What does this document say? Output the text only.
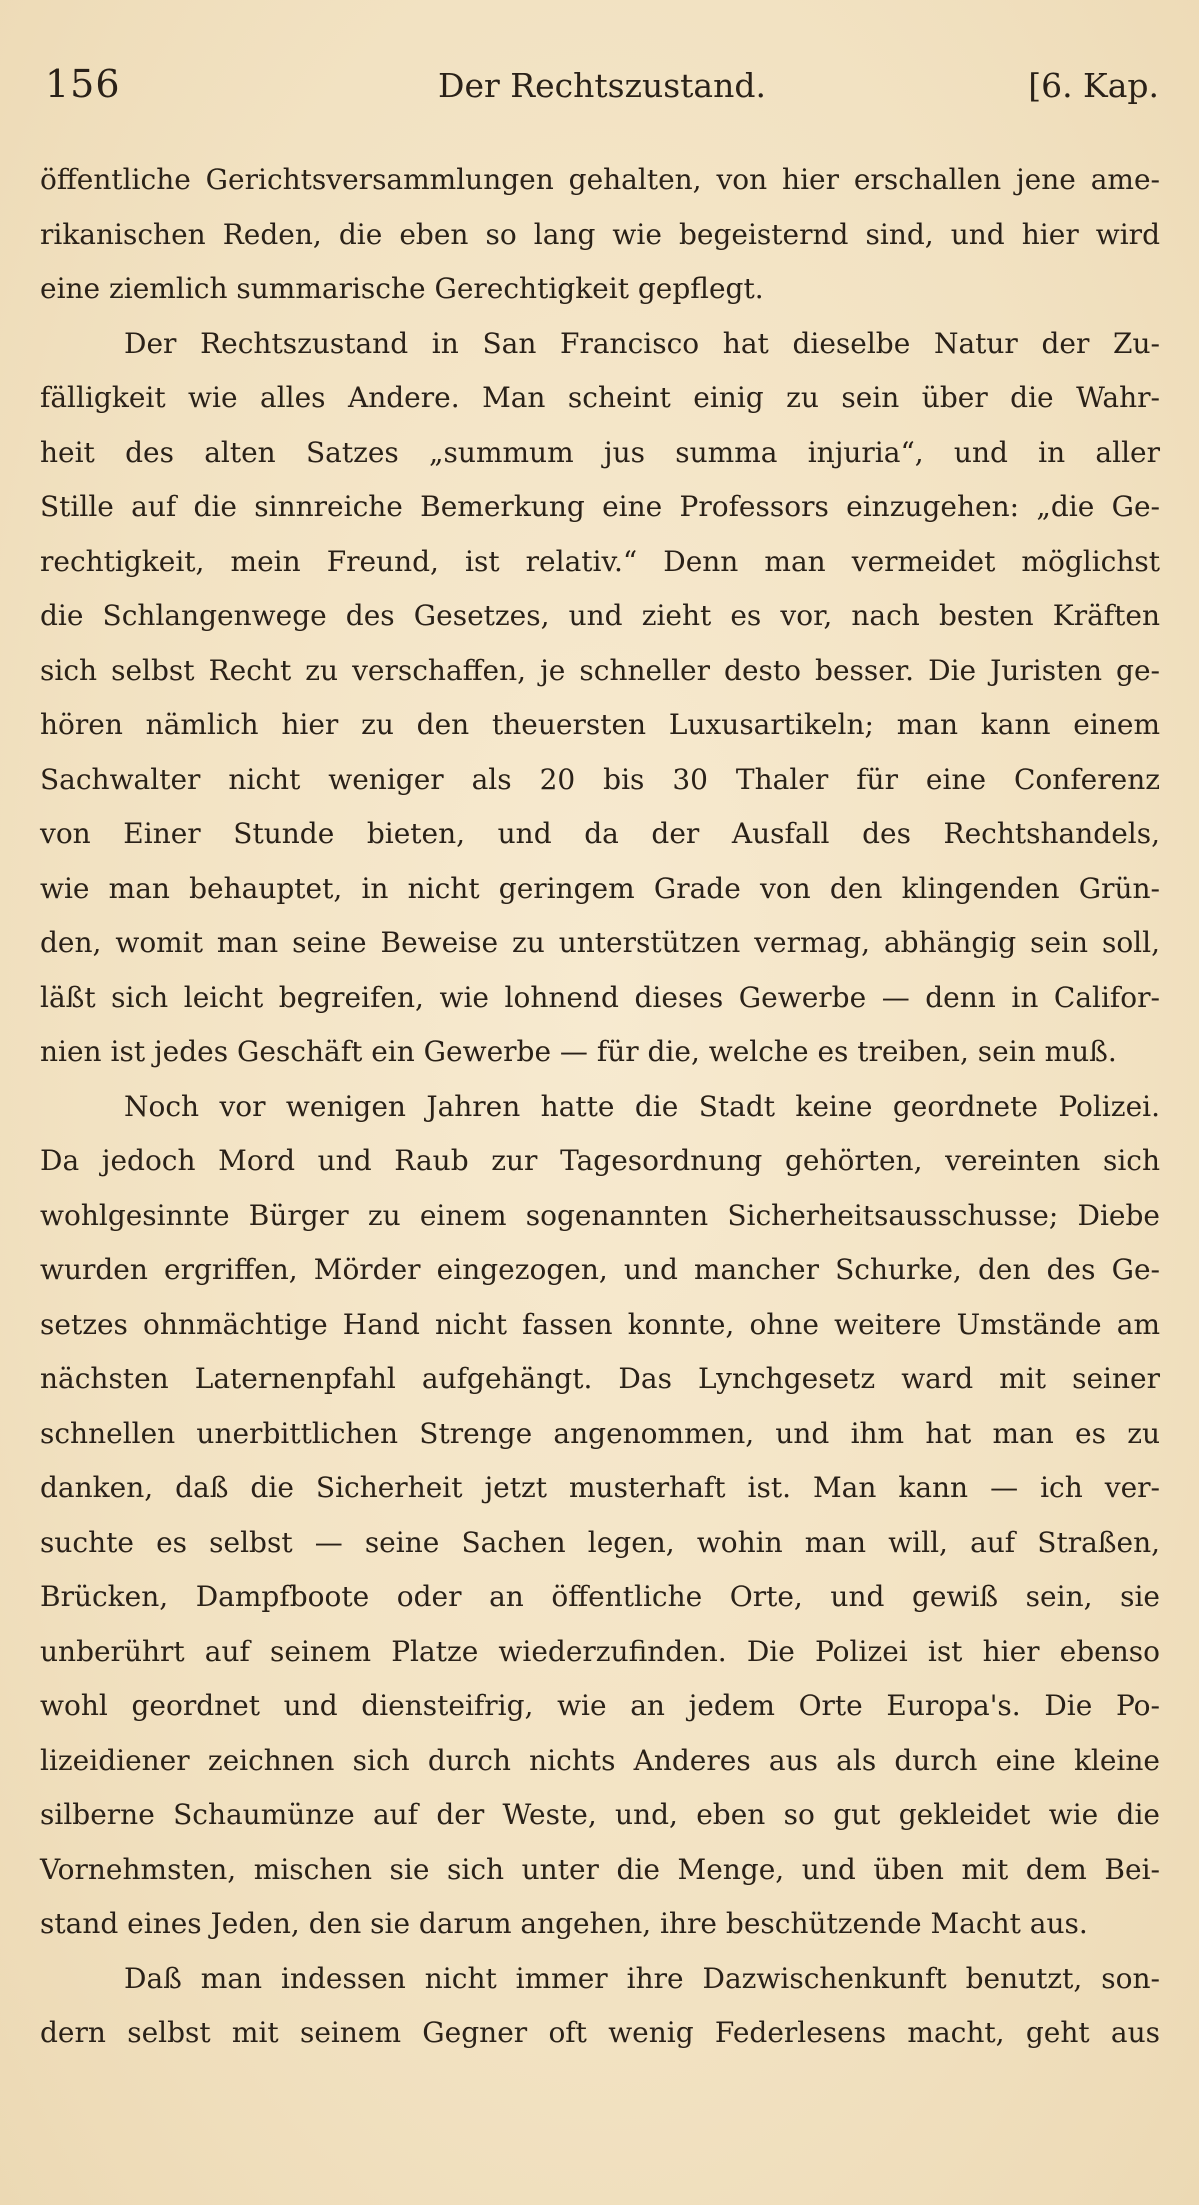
156	Der Rechtszustand.	[6. Kap.
öffentliche Gerichtsversammlungen gehalten, von hier erschallen jene ame-
rikanischen Reden, die eben so lang wie begeisternd sind, und hier wird
eine ziemlich summarische Gerechtigkeit gepflegt.
Der Rechtszustand in San Francisco hat dieselbe Natur der Zu-
fälligkeit wie alles Andere. Man scheint einig zu sein über die Wahr-
heit des alten Satzes „summum jus summa injuria“, und in aller
Stille auf die sinnreiche Bemerkung eine Professors einzugehen: „die Ge-
rechtigkeit, mein Freund, ist relativ.“ Denn man vermeidet möglichst
die Schlangenwege des Gesetzes, und zieht es vor, nach besten Kräften
sich selbst Recht zu verschaffen, je schneller desto besser. Die Juristen ge-
hören nämlich hier zu den theuersten Luxusartikeln; man kann einem
Sachwalter nicht weniger als 20 bis 30 Thaler für eine Conferenz
von Einer Stunde bieten, und da der Ausfall des Rechtshandels,
wie man behauptet, in nicht geringem Grade von den klingenden Grün-
den, womit man seine Beweise zu unterstützen vermag, abhängig sein soll,
läßt sich leicht begreifen, wie lohnend dieses Gewerbe — denn in Califor-
nien ist jedes Geschäft ein Gewerbe — für die, welche es treiben, sein muß.
Noch vor wenigen Jahren hatte die Stadt keine geordnete Polizei.
Da jedoch Mord und Raub zur Tagesordnung gehörten, vereinten sich
wohlgesinnte Bürger zu einem sogenannten Sicherheitsausschusse; Diebe
wurden ergriffen, Mörder eingezogen, und mancher Schurke, den des Ge-
setzes ohnmächtige Hand nicht fassen konnte, ohne weitere Umstände am
nächsten Laternenpfahl aufgehängt. Das Lynchgesetz ward mit seiner
schnellen unerbittlichen Strenge angenommen, und ihm hat man es zu
danken, daß die Sicherheit jetzt musterhaft ist. Man kann — ich ver-
suchte es selbst — seine Sachen legen, wohin man will, auf Straßen,
Brücken, Dampfboote oder an öffentliche Orte, und gewiß sein, sie
unberührt auf seinem Platze wiederzufinden. Die Polizei ist hier ebenso
wohl geordnet und diensteifrig, wie an jedem Orte Europa's. Die Po-
lizeidiener zeichnen sich durch nichts Anderes aus als durch eine kleine
silberne Schaumünze auf der Weste, und, eben so gut gekleidet wie die
Vornehmsten, mischen sie sich unter die Menge, und üben mit dem Bei-
stand eines Jeden, den sie darum angehen, ihre beschützende Macht aus.
Daß man indessen nicht immer ihre Dazwischenkunft benutzt, son-
dern selbst mit seinem Gegner oft wenig Federlesens macht, geht aus
